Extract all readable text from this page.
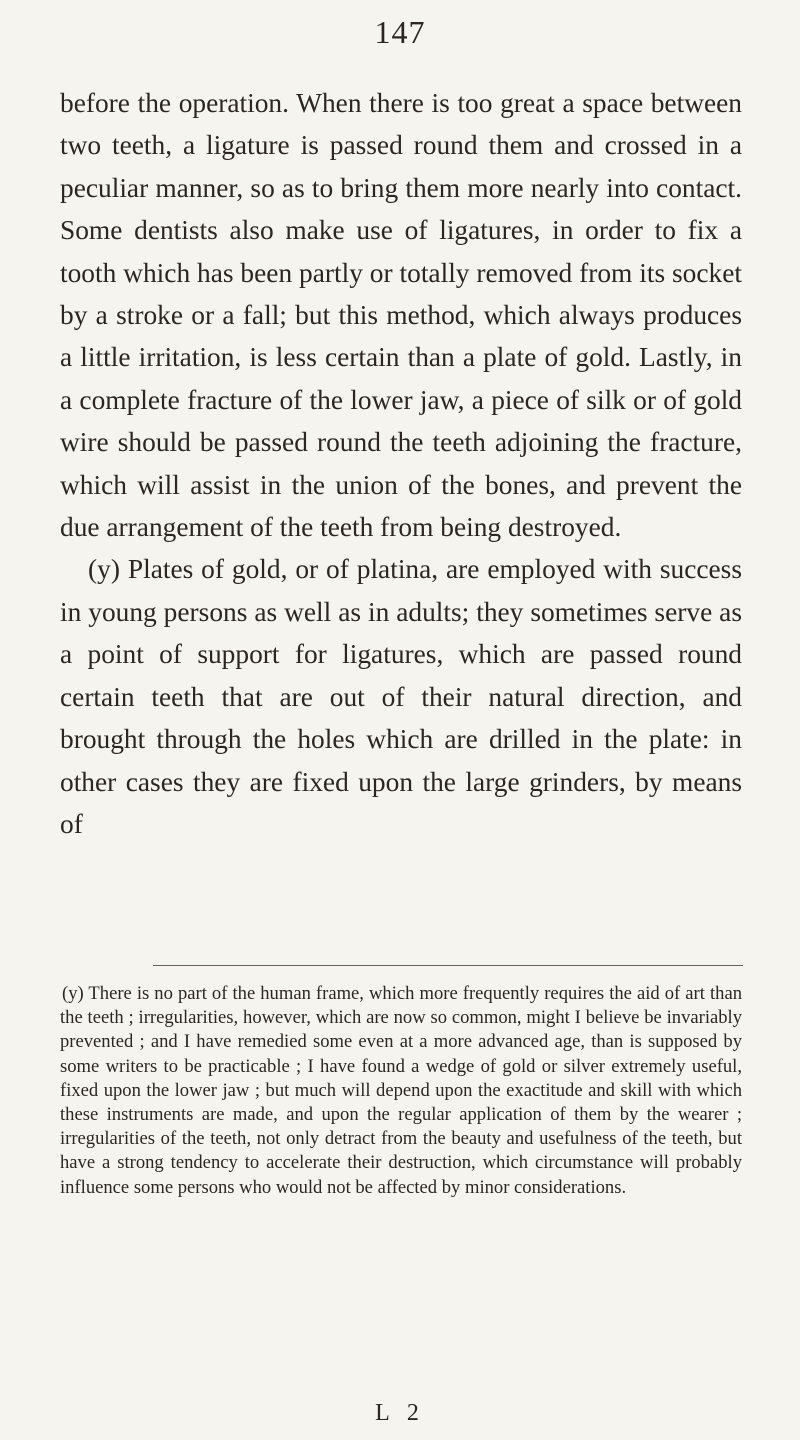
147

before the operation. When there is too great a space between two teeth, a ligature is passed round them and crossed in a peculiar manner, so as to bring them more nearly into contact. Some dentists also make use of ligatures, in order to fix a tooth which has been partly or totally removed from its socket by a stroke or a fall; but this method, which always produces a little irritation, is less certain than a plate of gold. Lastly, in a complete fracture of the lower jaw, a piece of silk or of gold wire should be passed round the teeth adjoining the fracture, which will assist in the union of the bones, and prevent the due arrangement of the teeth from being destroyed.

(y) Plates of gold, or of platina, are employed with success in young persons as well as in adults; they sometimes serve as a point of support for ligatures, which are passed round certain teeth that are out of their natural direction, and brought through the holes which are drilled in the plate: in other cases they are fixed upon the large grinders, by means of

(y) There is no part of the human frame, which more frequently requires the aid of art than the teeth ; irregularities, however, which are now so common, might I believe be invariably prevented ; and I have remedied some even at a more advanced age, than is supposed by some writers to be practicable ; I have found a wedge of gold or silver extremely useful, fixed upon the lower jaw ; but much will depend upon the exactitude and skill with which these instruments are made, and upon the regular application of them by the wearer ; irregularities of the teeth, not only detract from the beauty and usefulness of the teeth, but have a strong tendency to accelerate their destruction, which circumstance will probably influence some persons who would not be affected by minor considerations.

L 2
